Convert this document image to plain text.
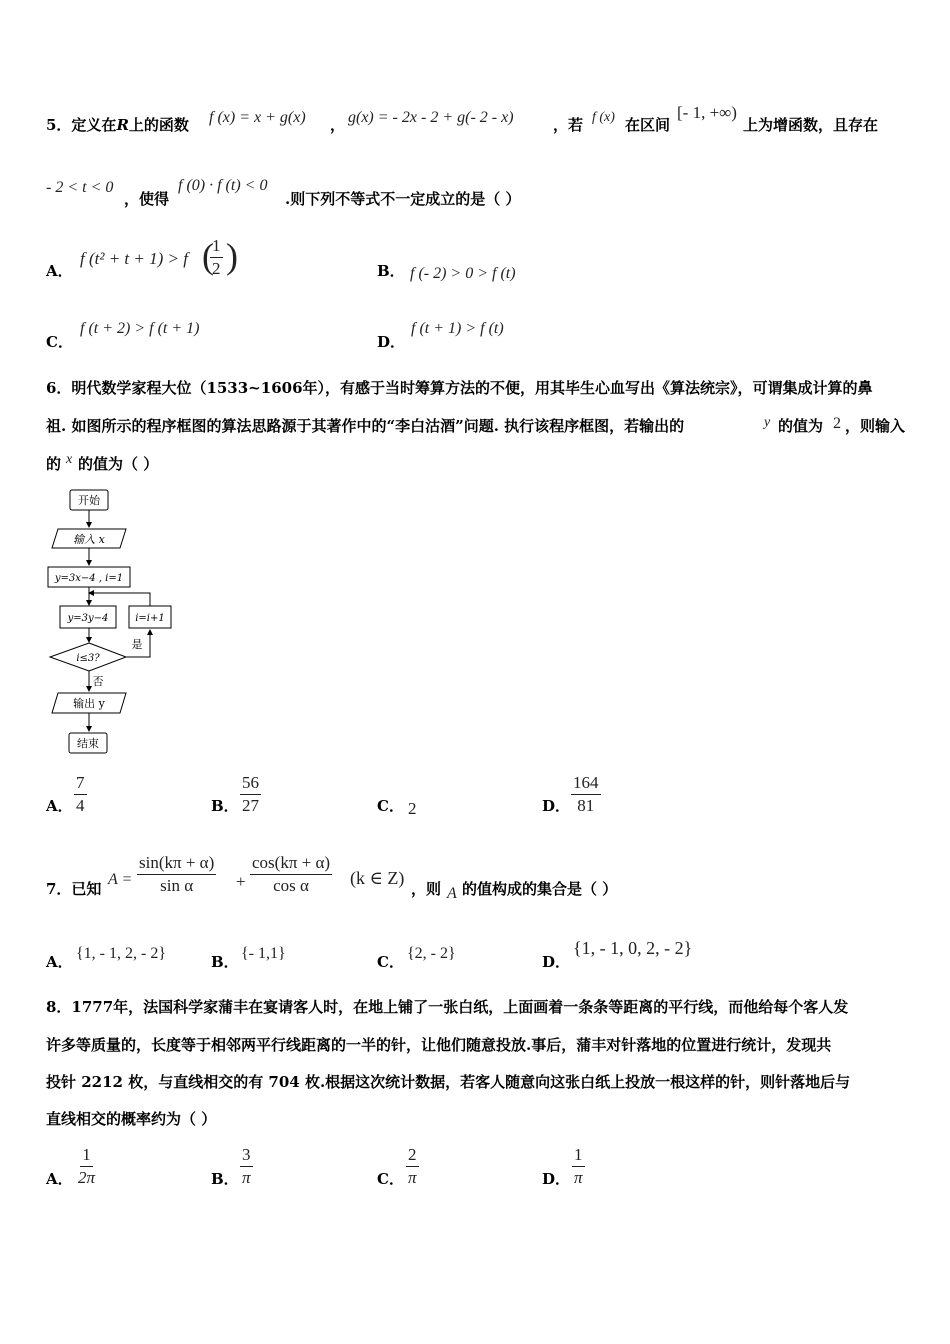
5．定义在R上的函数 f (x) = x + g(x) ， g(x) = - 2x - 2 + g(- 2 - x)	，若 f (x) 在区间
[- 1, +∞)
上为增函数，且存在
- 2 < t < 0
，使得
f (0) · f (t) < 0
.则下列不等式不一定成立的是（ ）
A．
f (t² + t + 1) > f (
$\frac{1}{2}$ )	B． f (- 2) > 0 > f (t)
C．
f (t + 2) > f (t + 1)
D．
f (t + 1) > f (t)
6．明代数学家程大位（1533~1606年），有感于当时筹算方法的不便，用其毕生心血写出《算法统宗》，可谓集成计算的鼻
祖. 如图所示的程序框图的算法思路源于其著作中的“李白沽酒”问题. 执行该程序框图，若输出的	y 的值为 2 ，则输入
的 x 的值为（ ）
开始
输入 x
y=3x−4 , i=1
y=3y−4	i=i+1
i≤3?
是
否
输出 y
结束
A． $\frac{7}{4}$	B． $\frac{56}{27}$	C． 2	D． $\frac{164}{81}$
7．已知
$A = \frac{\sin(k\pi + \alpha)}{\text{sin α}} + \frac{\cos(k\pi + \alpha)}{\text{cos α}} (k$ ∈ Z)
，则 A 的值构成的集合是（ ）
A． {1, - 1, 2, - 2}	B． {- 1,1}	C． {2, - 2}	D．
{1, - 1, 0, 2, - 2}
8．1777年，法国科学家蒲丰在宴请客人时，在地上铺了一张白纸，上面画着一条条等距离的平行线，而他给每个客人发
许多等质量的，长度等于相邻两平行线距离的一半的针，让他们随意投放.事后，蒲丰对针落地的位置进行统计，发现共
投针 2212 枚，与直线相交的有 704 枚.根据这次统计数据，若客人随意向这张白纸上投放一根这样的针，则针落地后与
直线相交的概率约为（ ）
A． $\frac{1}{2\pi}$	B． $\frac{3}{\pi}$	C． $\frac{2}{\pi}$	D． $\frac{1}{\pi}$
